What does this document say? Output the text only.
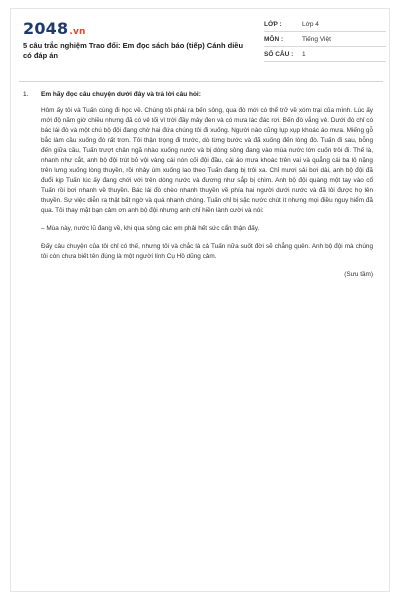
2048.vn
5 câu trắc nghiệm Trao đổi: Em đọc sách báo (tiếp) Cánh diều có đáp án
LỚP :	Lớp 4
MÔN :	Tiếng Việt
SỐ CÂU :	1
1.	Em hãy đọc câu chuyện dưới đây và trả lời câu hỏi:

Hôm ấy tôi và Tuấn cùng đi học về. Chúng tôi phải ra bến sông, qua đò mới có thể trở về xóm trại của mình. Lúc ấy mới độ năm giờ chiều nhưng đã có vẻ tối vì trời đầy mây đen và có mưa lác đác rơi. Bến đò vắng vẻ. Dưới đò chỉ có bác lái đò và một chú bộ đội đang chờ hai đứa chúng tôi đi xuống. Người nào cũng lụp xụp khoác áo mưa. Miếng gỗ bắc làm cầu xuống đò rất trơn. Tôi thận trọng đi trước, dò từng bước và đã xuống đến lòng đò. Tuấn đi sau, bỗng đến giữa cầu, Tuấn trượt chân ngã nhào xuống nước và bị dòng sông đang vào mùa nước lớn cuốn trôi đi. Thế là, nhanh như cắt, anh bộ đội trút bỏ vội vàng cái nón cối đội đầu, cái áo mưa khoác trên vai và quẳng cái ba lô nặng trên lưng xuống lòng thuyền, rồi nhảy ùm xuống lao theo Tuấn đang bị trôi xa. Chỉ mươi sải bơi dài, anh bộ đội đã đuổi kịp Tuấn lúc ấy đang chới với trên dòng nước và đương như sắp bị chìm. Anh bộ đội quàng một tay vào cổ Tuấn rồi bơi nhanh về thuyền. Bác lái đò chèo nhanh thuyền về phía hai người dưới nước và đã lôi được họ lên thuyền. Sự việc diễn ra thật bất ngờ và quá nhanh chóng. Tuấn chỉ bị sặc nước chút ít nhưng mọi điều nguy hiểm đã qua. Tôi thay mặt bạn cảm ơn anh bộ đội nhưng anh chỉ hiền lành cười và nói:

– Mùa này, nước lũ đang về, khi qua sông các em phải hết sức cẩn thận đấy.

Đấy câu chuyện của tôi chỉ có thế, nhưng tôi và chắc là cả Tuấn nữa suốt đời sẽ chẳng quên. Anh bộ đội mà chúng tôi còn chưa biết tên đúng là một người lính Cụ Hồ dũng cảm.

(Sưu tầm)
